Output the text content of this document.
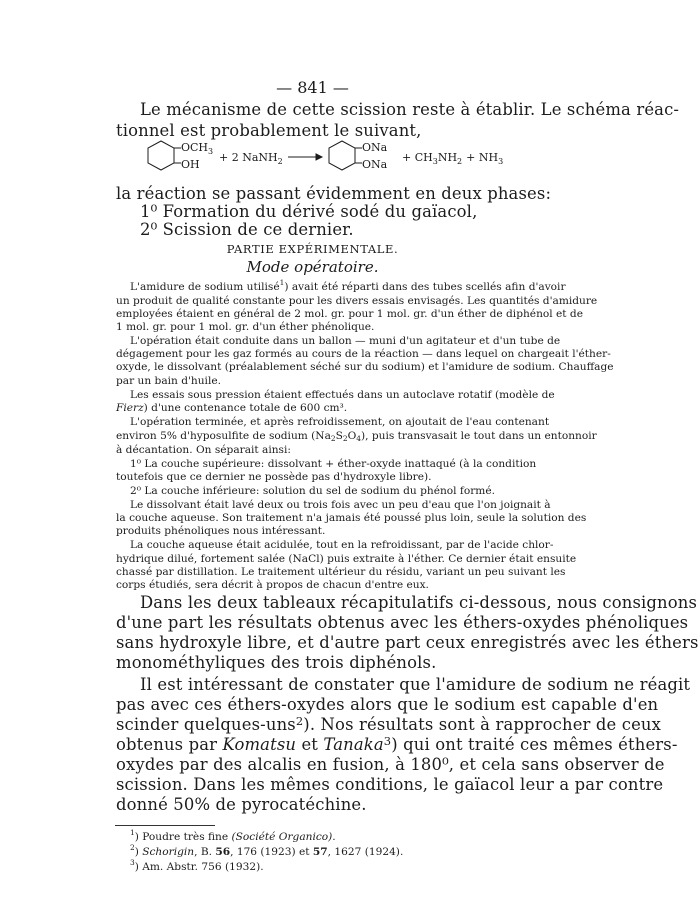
— 841 —
Le mécanisme de cette scission reste à établir. Le schéma réac-
tionnel est probablement le suivant,
$OCH_3$
OH
+ 2 NaNH$_2$
ONa
ONa
+ $CH_3NH_2 + NH_3$
la réaction se passant évidemment en deux phases:
1⁰ Formation du dérivé sodé du gaïacol,
2⁰ Scission de ce dernier.
PARTIE EXPÉRIMENTALE.
Mode opératoire.
L'amidure de sodium utilisé$^1$) avait été réparti dans des tubes scellés afin d'avoir
un produit de qualité constante pour les divers essais envisagés. Les quantités d'amidure
employées étaient en général de 2 mol. gr. pour 1 mol. gr. d'un éther de diphénol et de
1 mol. gr. pour 1 mol. gr. d'un éther phénolique.
L'opération était conduite dans un ballon — muni d'un agitateur et d'un tube de
dégagement pour les gaz formés au cours de la réaction — dans lequel on chargeait l'éther-
oxyde, le dissolvant (préalablement séché sur du sodium) et l'amidure de sodium. Chauffage
par un bain d'huile.
Les essais sous pression étaient effectués dans un autoclave rotatif (modèle de
Fierz) d'une contenance totale de 600 cm³.
L'opération terminée, et après refroidissement, on ajoutait de l'eau contenant
environ 5% d'hyposulfite de sodium $(Na_2S_2O_4)$, puis transvasait le tout dans un entonnoir
à décantation. On séparait ainsi:
1⁰ La couche supérieure: dissolvant + éther-oxyde inattaqué (à la condition
toutefois que ce dernier ne possède pas d'hydroxyle libre).
2⁰ La couche inférieure: solution du sel de sodium du phénol formé.
Le dissolvant était lavé deux ou trois fois avec un peu d'eau que l'on joignait à
la couche aqueuse. Son traitement n'a jamais été poussé plus loin, seule la solution des
produits phénoliques nous intéressant.
La couche aqueuse était acidulée, tout en la refroidissant, par de l'acide chlor-
hydrique dilué, fortement salée (NaCl) puis extraite à l'éther. Ce dernier était ensuite
chassé par distillation. Le traitement ultérieur du résidu, variant un peu suivant les
corps étudiés, sera décrit à propos de chacun d'entre eux.
Dans les deux tableaux récapitulatifs ci-dessous, nous consignons
d'une part les résultats obtenus avec les éthers-oxydes phénoliques
sans hydroxyle libre, et d'autre part ceux enregistrés avec les éthers
monométhyliques des trois diphénols.
Il est intéressant de constater que l'amidure de sodium ne réagit
pas avec ces éthers-oxydes alors que le sodium est capable d'en
scinder quelques-uns$^2$). Nos résultats sont à rapprocher de ceux
obtenus par Komatsu et Tanaka$^3$) qui ont traité ces mêmes éthers-
oxydes par des alcalis en fusion, à 180⁰, et cela sans observer de
scission. Dans les mêmes conditions, le gaïacol leur a par contre
donné 50% de pyrocatéchine.
$^1$) Poudre très fine (Société Organico).
$^2$) Schorigin, B. 56, 176 (1923) et 57, 1627 (1924).
$^3$) Am. Abstr. 756 (1932).
